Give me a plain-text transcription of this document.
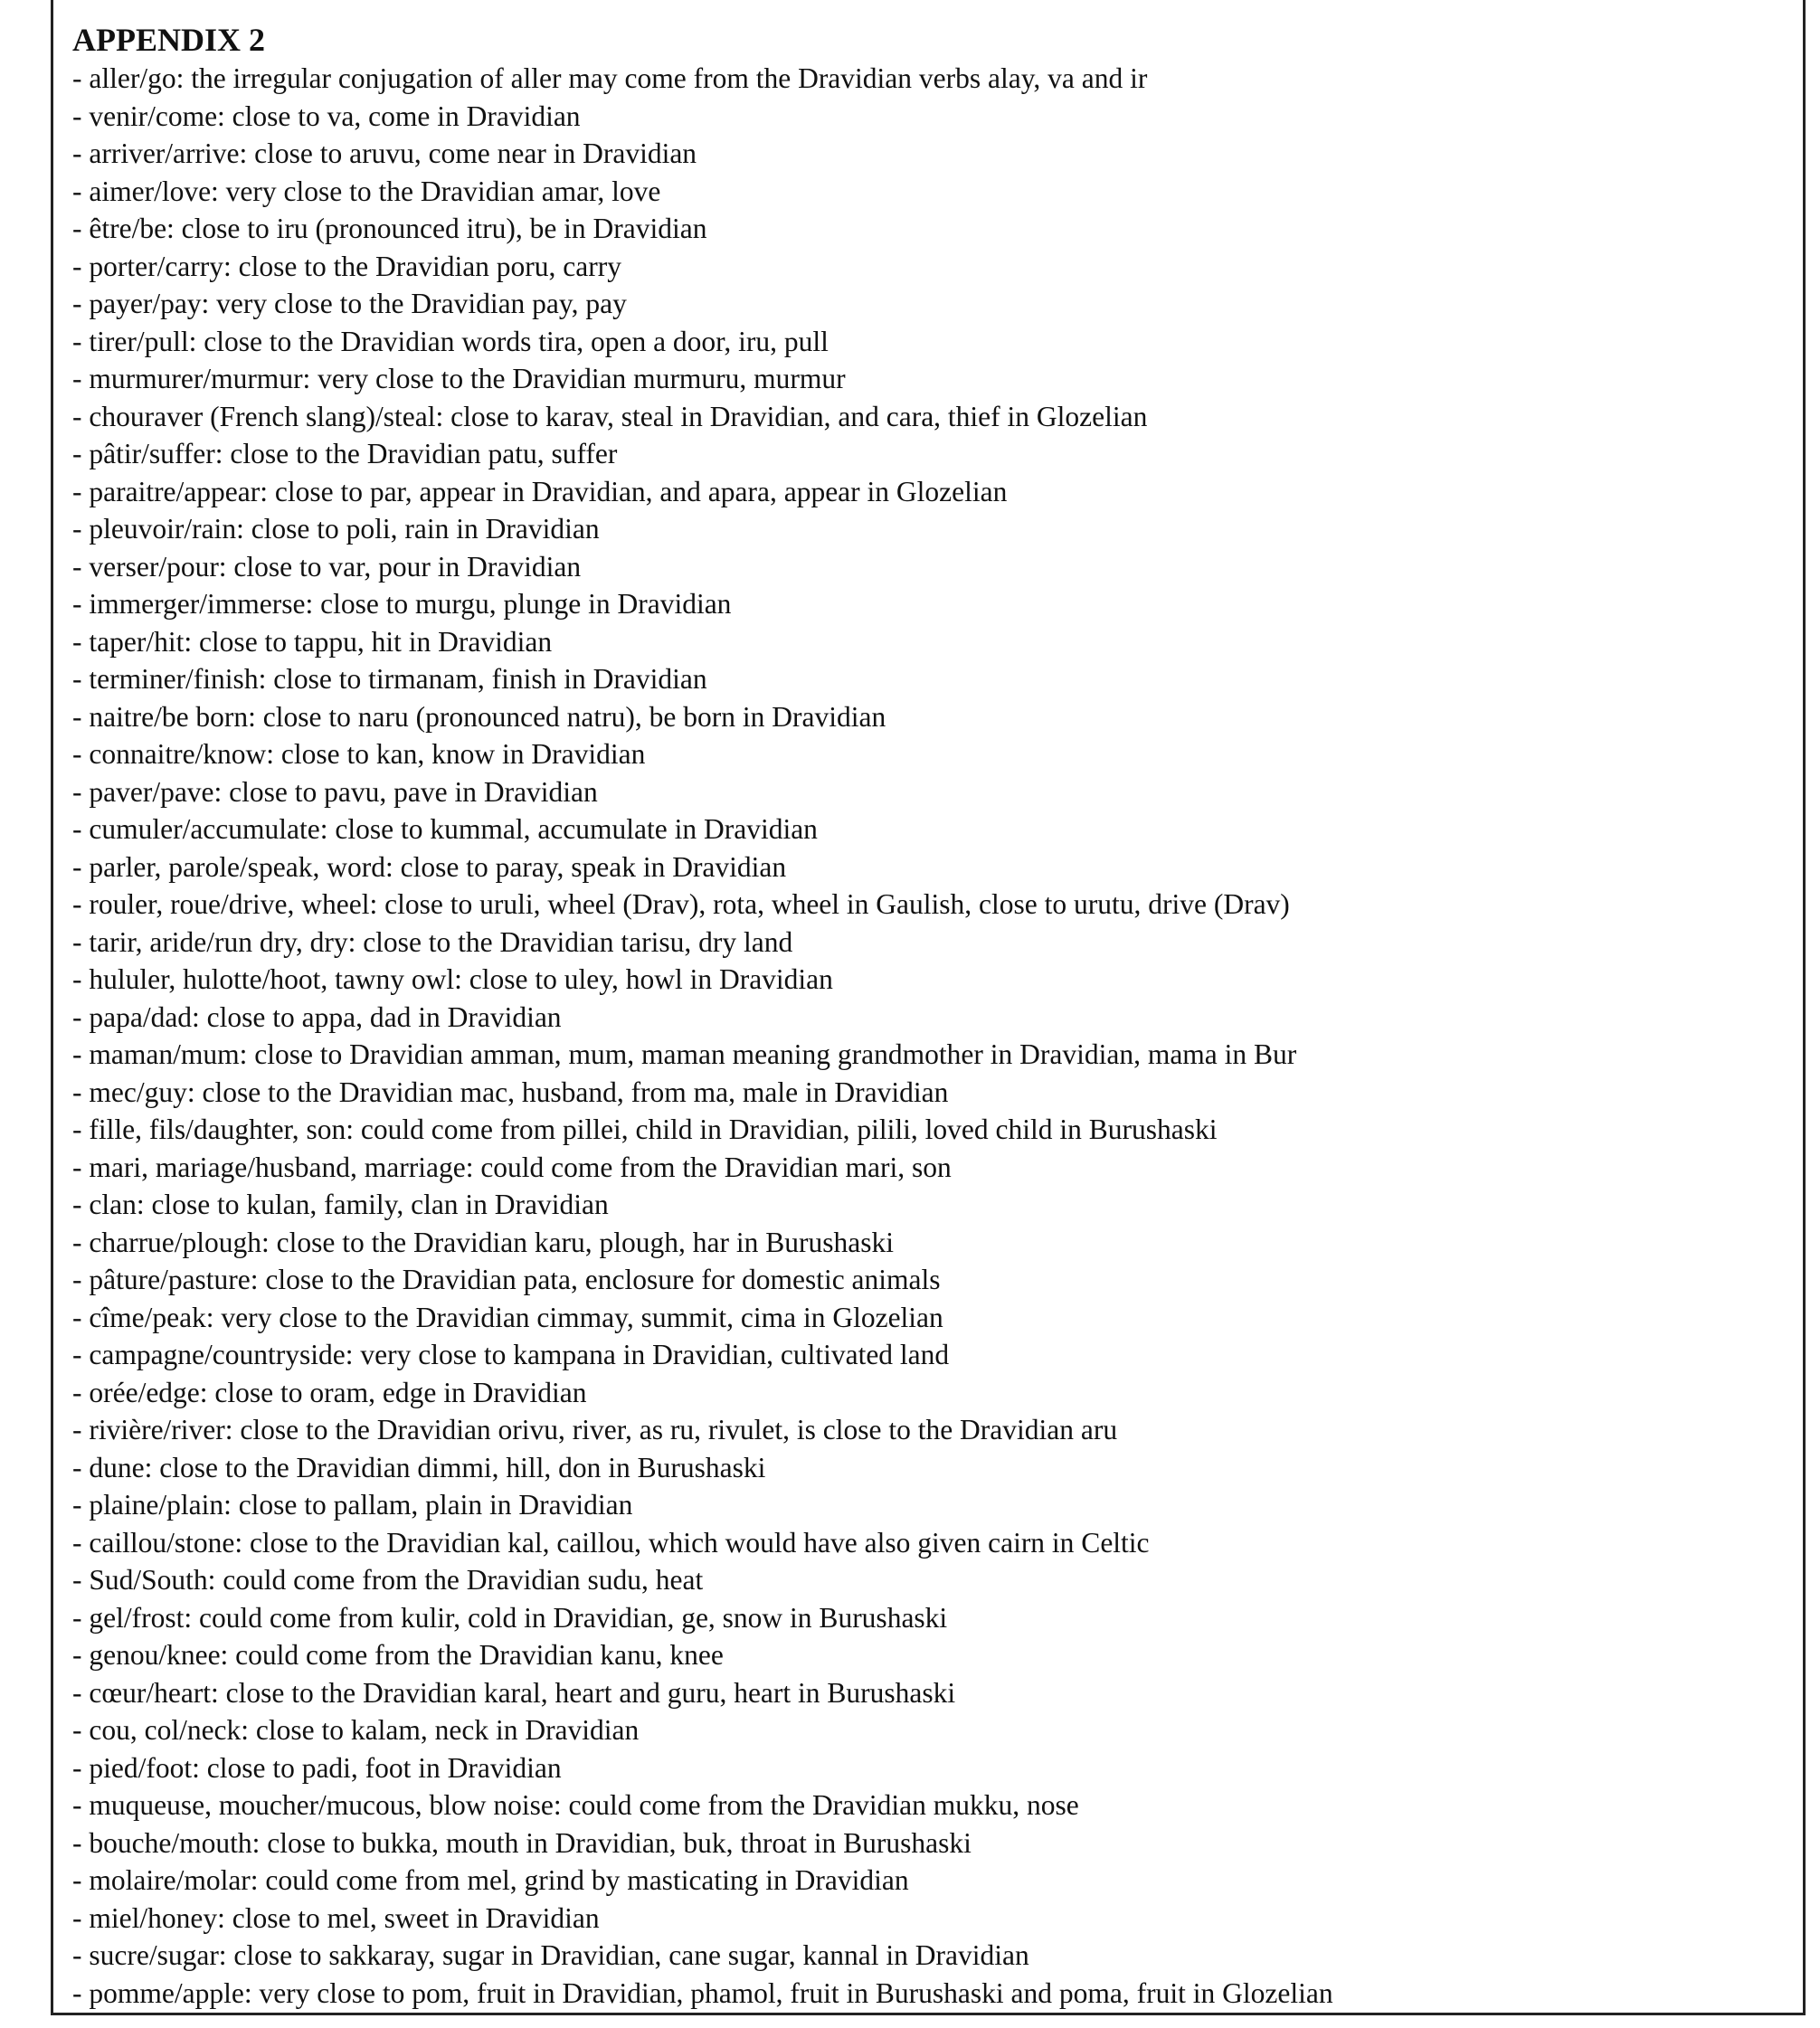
APPENDIX 2
- aller/go: the irregular conjugation of aller may come from the Dravidian verbs alay, va and ir
- venir/come: close to va, come in Dravidian
- arriver/arrive: close to aruvu, come near in Dravidian
- aimer/love: very close to the Dravidian amar, love
- être/be: close to iru (pronounced itru), be in Dravidian
- porter/carry: close to the Dravidian poru, carry
- payer/pay: very close to the Dravidian pay, pay
- tirer/pull: close to the Dravidian words tira, open a door, iru, pull
- murmurer/murmur: very close to the Dravidian murmuru, murmur
- chouraver (French slang)/steal: close to karav, steal in Dravidian, and cara, thief in Glozelian
- pâtir/suffer: close to the Dravidian patu, suffer
- paraitre/appear: close to par, appear in Dravidian, and apara, appear in Glozelian
- pleuvoir/rain: close to poli, rain in Dravidian
- verser/pour: close to var, pour in Dravidian
- immerger/immerse: close to murgu, plunge in Dravidian
- taper/hit: close to tappu, hit in Dravidian
- terminer/finish: close to tirmanam, finish in Dravidian
- naitre/be born: close to naru (pronounced natru), be born in Dravidian
- connaitre/know: close to kan, know in Dravidian
- paver/pave: close to pavu, pave in Dravidian
- cumuler/accumulate: close to kummal, accumulate in Dravidian
- parler, parole/speak, word: close to paray, speak in Dravidian
- rouler, roue/drive, wheel: close to uruli, wheel (Drav), rota, wheel in Gaulish, close to urutu, drive (Drav)
- tarir, aride/run dry, dry: close to the Dravidian tarisu, dry land
- hululer, hulotte/hoot, tawny owl: close to uley, howl in Dravidian
- papa/dad: close to appa, dad in Dravidian
- maman/mum: close to Dravidian amman, mum, maman meaning grandmother in Dravidian, mama in Bur
- mec/guy: close to the Dravidian mac, husband, from ma, male in Dravidian
- fille, fils/daughter, son: could come from pillei, child in Dravidian, pilili, loved child in Burushaski
- mari, mariage/husband, marriage: could come from the Dravidian mari, son
- clan: close to kulan, family, clan in Dravidian
- charrue/plough: close to the Dravidian karu, plough, har in Burushaski
- pâture/pasture: close to the Dravidian pata, enclosure for domestic animals
- cîme/peak: very close to the Dravidian cimmay, summit, cima in Glozelian
- campagne/countryside: very close to kampana in Dravidian, cultivated land
- orée/edge: close to oram, edge in Dravidian
- rivière/river: close to the Dravidian orivu, river, as ru, rivulet, is close to the Dravidian aru
- dune: close to the Dravidian dimmi, hill, don in Burushaski
- plaine/plain: close to pallam, plain in Dravidian
- caillou/stone: close to the Dravidian kal, caillou, which would have also given cairn in Celtic
- Sud/South: could come from the Dravidian sudu, heat
- gel/frost: could come from kulir, cold in Dravidian, ge, snow in Burushaski
- genou/knee: could come from the Dravidian kanu, knee
- cœur/heart: close to the Dravidian karal, heart and guru, heart in Burushaski
- cou, col/neck: close to kalam, neck in Dravidian
- pied/foot: close to padi, foot in Dravidian
- muqueuse, moucher/mucous, blow noise: could come from the Dravidian mukku, nose
- bouche/mouth: close to bukka, mouth in Dravidian, buk, throat in Burushaski
- molaire/molar: could come from mel, grind by masticating in Dravidian
- miel/honey: close to mel, sweet in Dravidian
- sucre/sugar: close to sakkaray, sugar in Dravidian, cane sugar, kannal in Dravidian
- pomme/apple: very close to pom, fruit in Dravidian, phamol, fruit in Burushaski and poma, fruit in Glozelian
